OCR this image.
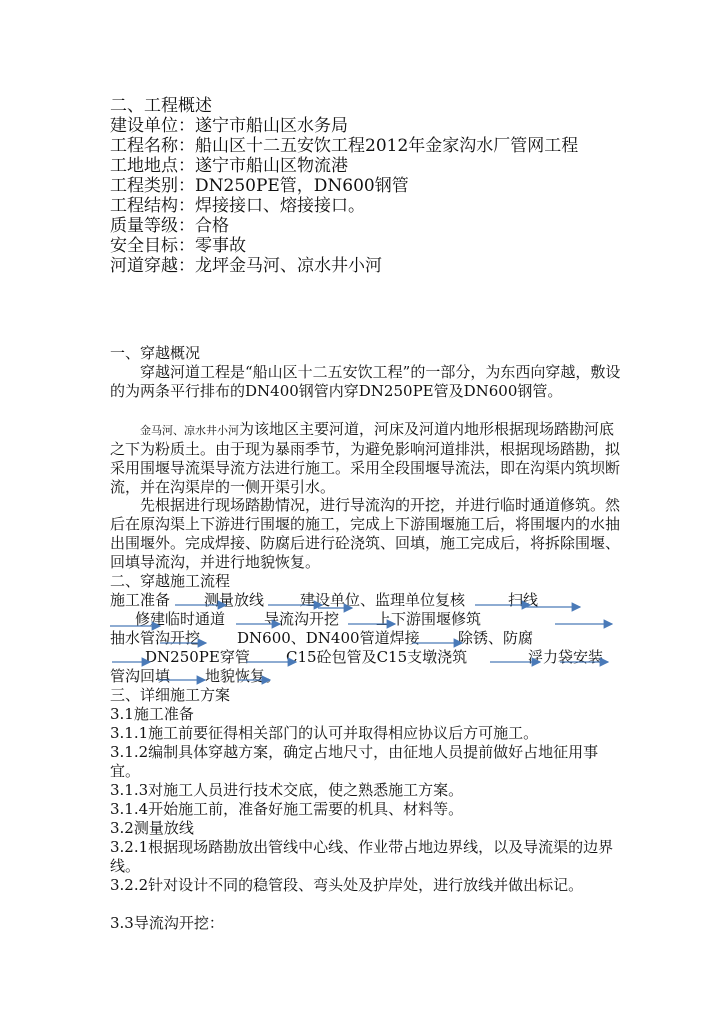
二、工程概述
建设单位：遂宁市船山区水务局
工程名称：船山区十二五安饮工程2012年金家沟水厂管网工程
工地地点：遂宁市船山区物流港
工程类别：DN250PE管，DN600钢管
工程结构：焊接接口、熔接接口。
质量等级：合格
安全目标：零事故
河道穿越：龙坪金马河、凉水井小河
一、穿越概况
穿越河道工程是“船山区十二五安饮工程”的一部分，为东西向穿越，敷设的为两条平行排布的DN400钢管内穿DN250PE管及DN600钢管。
金马河、凉水井小河为该地区主要河道，河床及河道内地形根据现场踏勘河底之下为粉质土。由于现为暴雨季节，为避免影响河道排洪，根据现场踏勘，拟采用围堰导流渠导流方法进行施工。采用全段围堰导流法，即在沟渠内筑坝断流，并在沟渠岸的一侧开渠引水。
先根据进行现场踏勘情况，进行导流沟的开挖，并进行临时通道修筑。然后在原沟渠上下游进行围堰的施工，完成上下游围堰施工后，将围堰内的水抽出围堰外。完成焊接、防腐后进行砼浇筑、回填，施工完成后，将拆除围堰、回填导流沟，并进行地貌恢复。
二、穿越施工流程
施工准备 测量放线 建设单位、监理单位复核	扫线
修建临时通道	导流沟开挖 上下游围堰修筑
抽水管沟开挖 DN600、DN400管道焊接	除锈、防腐
DN250PE穿管 C15砼包管及C15支墩浇筑	浮力袋安装
管沟回填 地貌恢复。
三、详细施工方案
3.1施工准备
3.1.1施工前要征得相关部门的认可并取得相应协议后方可施工。
3.1.2编制具体穿越方案，确定占地尺寸，由征地人员提前做好占地征用事宜。
3.1.3对施工人员进行技术交底，使之熟悉施工方案。
3.1.4开始施工前，准备好施工需要的机具、材料等。
3.2测量放线
3.2.1根据现场踏勘放出管线中心线、作业带占地边界线，以及导流渠的边界线。
3.2.2针对设计不同的稳管段、弯头处及护岸处，进行放线并做出标记。
3.3导流沟开挖：
